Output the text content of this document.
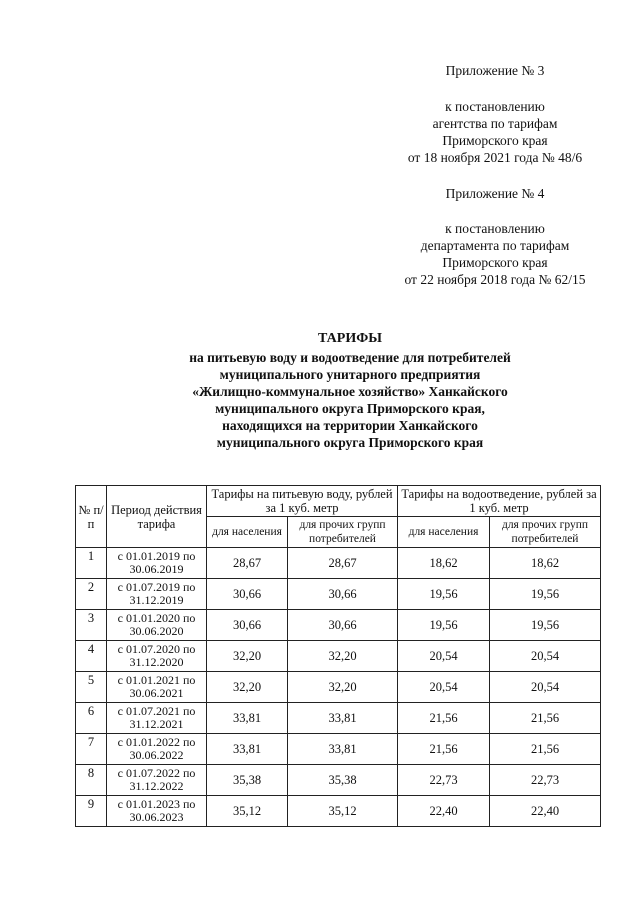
Приложение № 3
к постановлению
агентства по тарифам
Приморского края
от 18 ноября 2021 года № 48/6
Приложение № 4
к постановлению
департамента по тарифам
Приморского края
от 22 ноября 2018 года № 62/15
ТАРИФЫ
на питьевую воду и водоотведение для потребителей
муниципального унитарного предприятия
«Жилищно-коммунальное хозяйство» Ханкайского
муниципального округа Приморского края,
находящихся на территории Ханкайского
муниципального округа Приморского края
№ п/п	Период действия тарифа	Тарифы на питьевую воду, рублей за 1 куб. метр		Тарифы на водоотведение, рублей за 1 куб. метр	
		для населения	для прочих групп потребителей	для населения	для прочих групп потребителей
1	с 01.01.2019 по 30.06.2019	28,67	28,67	18,62	18,62
2	с 01.07.2019 по 31.12.2019	30,66	30,66	19,56	19,56
3	с 01.01.2020 по 30.06.2020	30,66	30,66	19,56	19,56
4	с 01.07.2020 по 31.12.2020	32,20	32,20	20,54	20,54
5	с 01.01.2021 по 30.06.2021	32,20	32,20	20,54	20,54
6	с 01.07.2021 по 31.12.2021	33,81	33,81	21,56	21,56
7	с 01.01.2022 по 30.06.2022	33,81	33,81	21,56	21,56
8	с 01.07.2022 по 31.12.2022	35,38	35,38	22,73	22,73
9	с 01.01.2023 по 30.06.2023	35,12	35,12	22,40	22,40
